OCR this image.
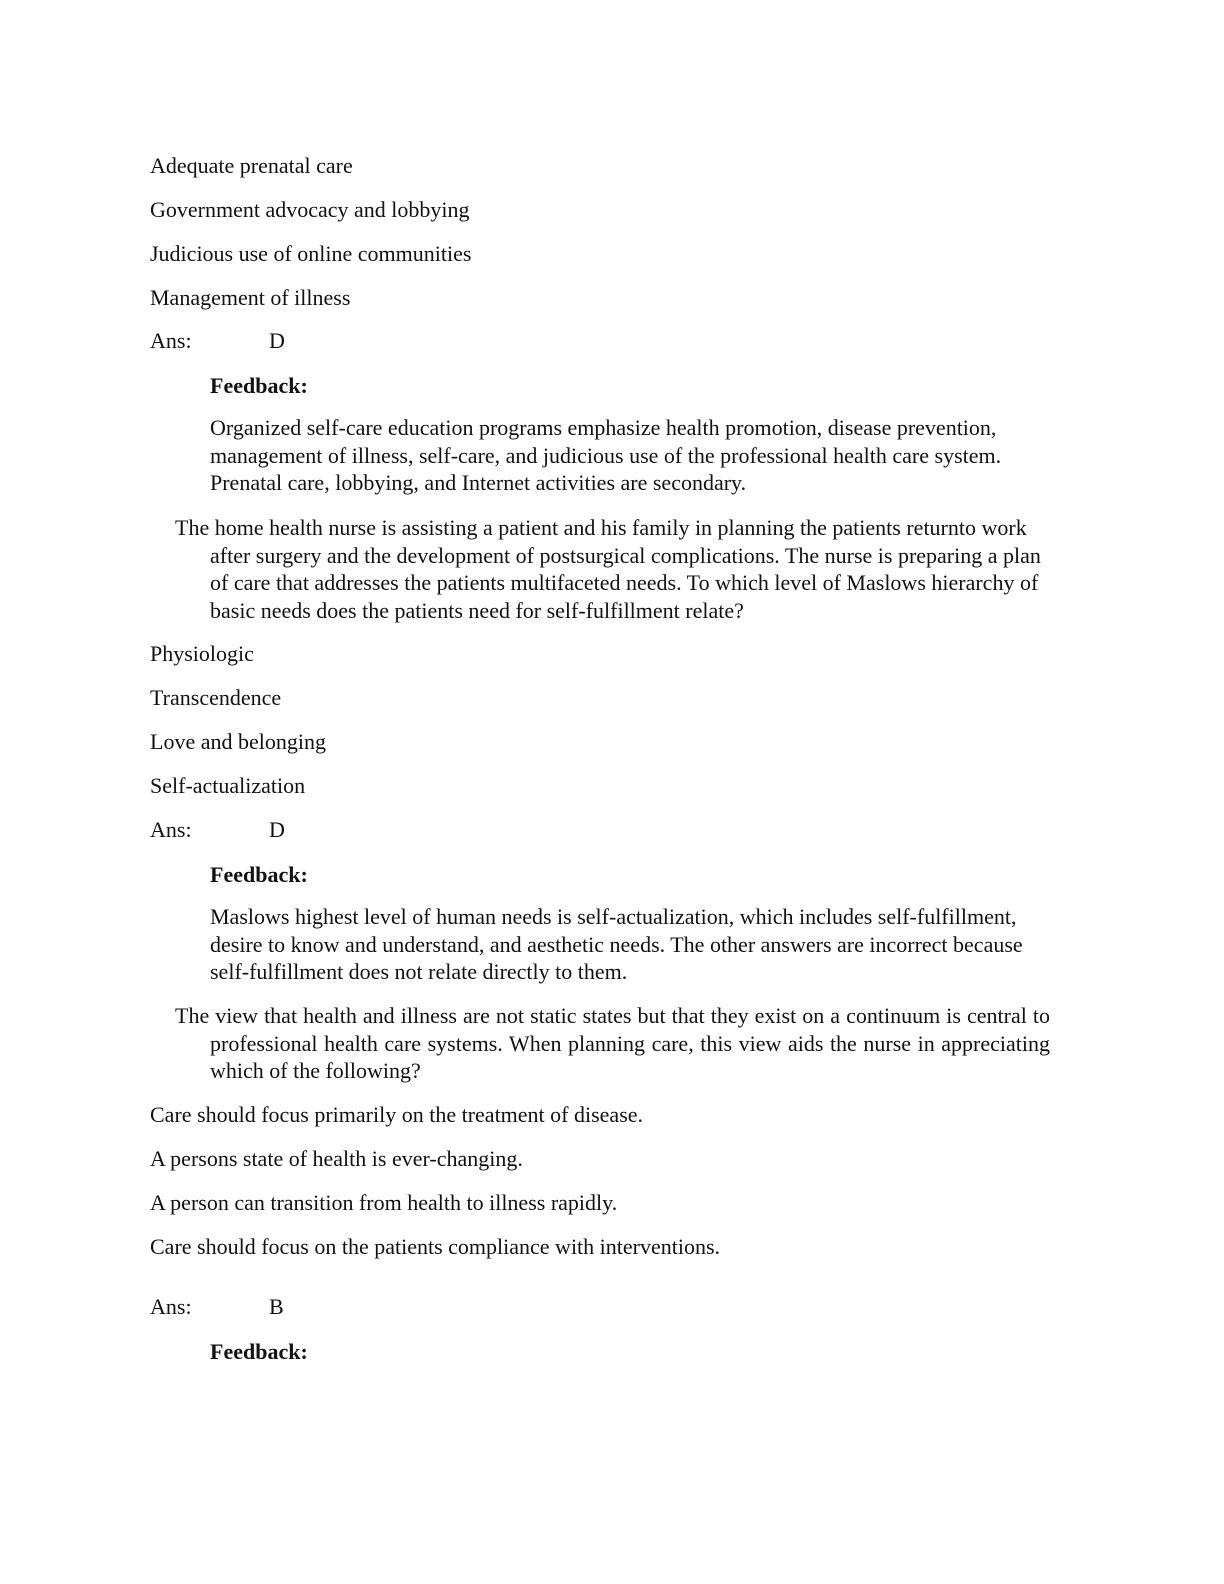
Adequate prenatal care
Government advocacy and lobbying
Judicious use of online communities
Management of illness
Ans:	D
Feedback:
Organized self-care education programs emphasize health promotion, disease prevention, management of illness, self-care, and judicious use of the professional health care system. Prenatal care, lobbying, and Internet activities are secondary.
The home health nurse is assisting a patient and his family in planning the patients returnto work after surgery and the development of postsurgical complications. The nurse is preparing a plan of care that addresses the patients multifaceted needs. To which level of Maslows hierarchy of basic needs does the patients need for self-fulfillment relate?
Physiologic
Transcendence
Love and belonging
Self-actualization
Ans:	D
Feedback:
Maslows highest level of human needs is self-actualization, which includes self-fulfillment, desire to know and understand, and aesthetic needs. The other answers are incorrect because self-fulfillment does not relate directly to them.
The view that health and illness are not static states but that they exist on a continuum is central to professional health care systems. When planning care, this view aids the nurse in appreciating which of the following?
Care should focus primarily on the treatment of disease.
A persons state of health is ever-changing.
A person can transition from health to illness rapidly.
Care should focus on the patients compliance with interventions.
Ans:	B
Feedback:
